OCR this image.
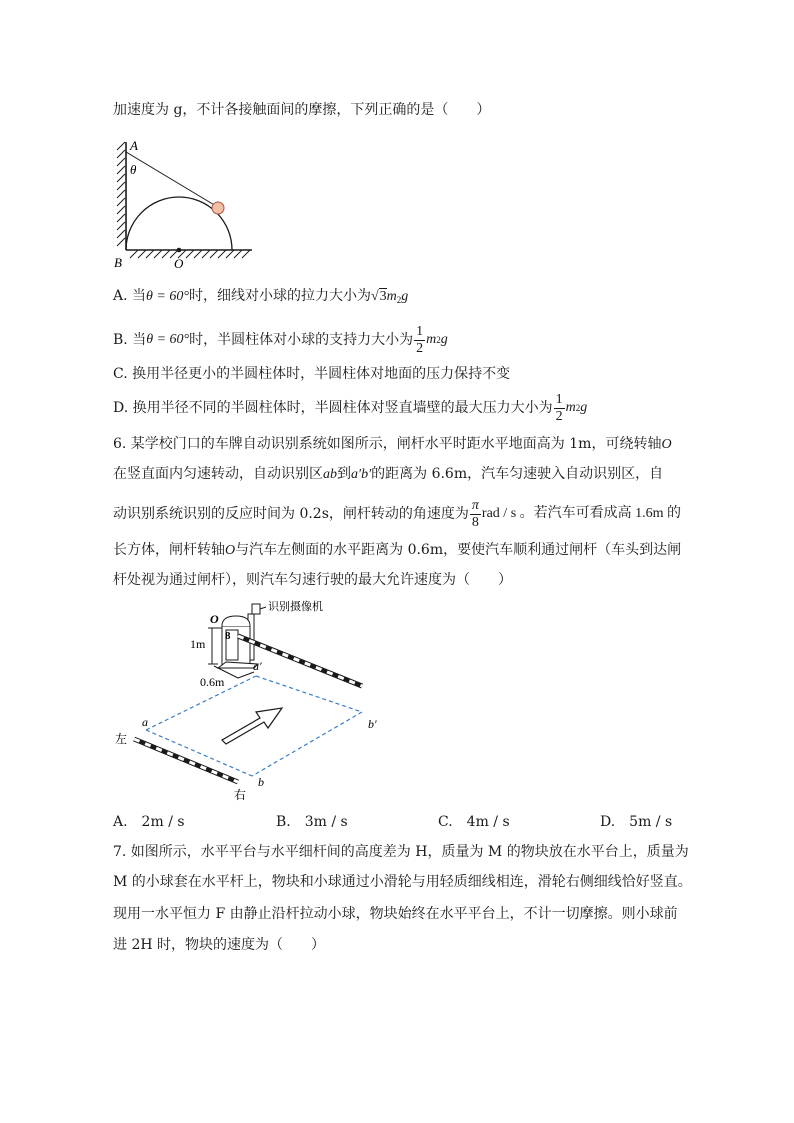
加速度为 g，不计各接触面间的摩擦，下列正确的是（　　）
A
θ
B	O
A. 当θ = 60°时，细线对小球的拉力大小为$√3m_2g$
B. 当 θ = 60° 时，半圆柱体对小球的支持力大小为 $\frac{1}{2}$ m 2 g
C. 换用半径更小的半圆柱体时，半圆柱体对地面的压力保持不变
D. 换用半径不同的半圆柱体时，半圆柱体对竖直墙壁的最大压力大小为 $\frac{1}{2}$ m 2 g
6. 某学校门口的车牌自动识别系统如图所示，闸杆水平时距水平地面高为 1m，可绕转轴O
在竖直面内匀速转动，自动识别区ab到a′b′的距离为 6.6m，汽车匀速驶入自动识别区，自
动识别系统识别的反应时间为 0.2s，闸杆转动的角速度为 $\frac{\pi}{8}$ rad / s 。若汽车可看成高 1.6m 的
长方体，闸杆转轴O与汽车左侧面的水平距离为 0.6m，要使汽车顺利通过闸杆（车头到达闸
杆处视为通过闸杆），则汽车匀速行驶的最大允许速度为（　　）
识别摄像机
8
O
1m
0.6m
a′
a	b′
b
左
右
A.　2m / s	B.　3m / s	C.　4m / s	D.　5m / s
7. 如图所示，水平平台与水平细杆间的高度差为 H，质量为 M 的物块放在水平台上，质量为
M 的小球套在水平杆上，物块和小球通过小滑轮与用轻质细线相连，滑轮右侧细线恰好竖直。
现用一水平恒力 F 由静止沿杆拉动小球，物块始终在水平平台上，不计一切摩擦。则小球前
进 2H 时，物块的速度为（　　）
